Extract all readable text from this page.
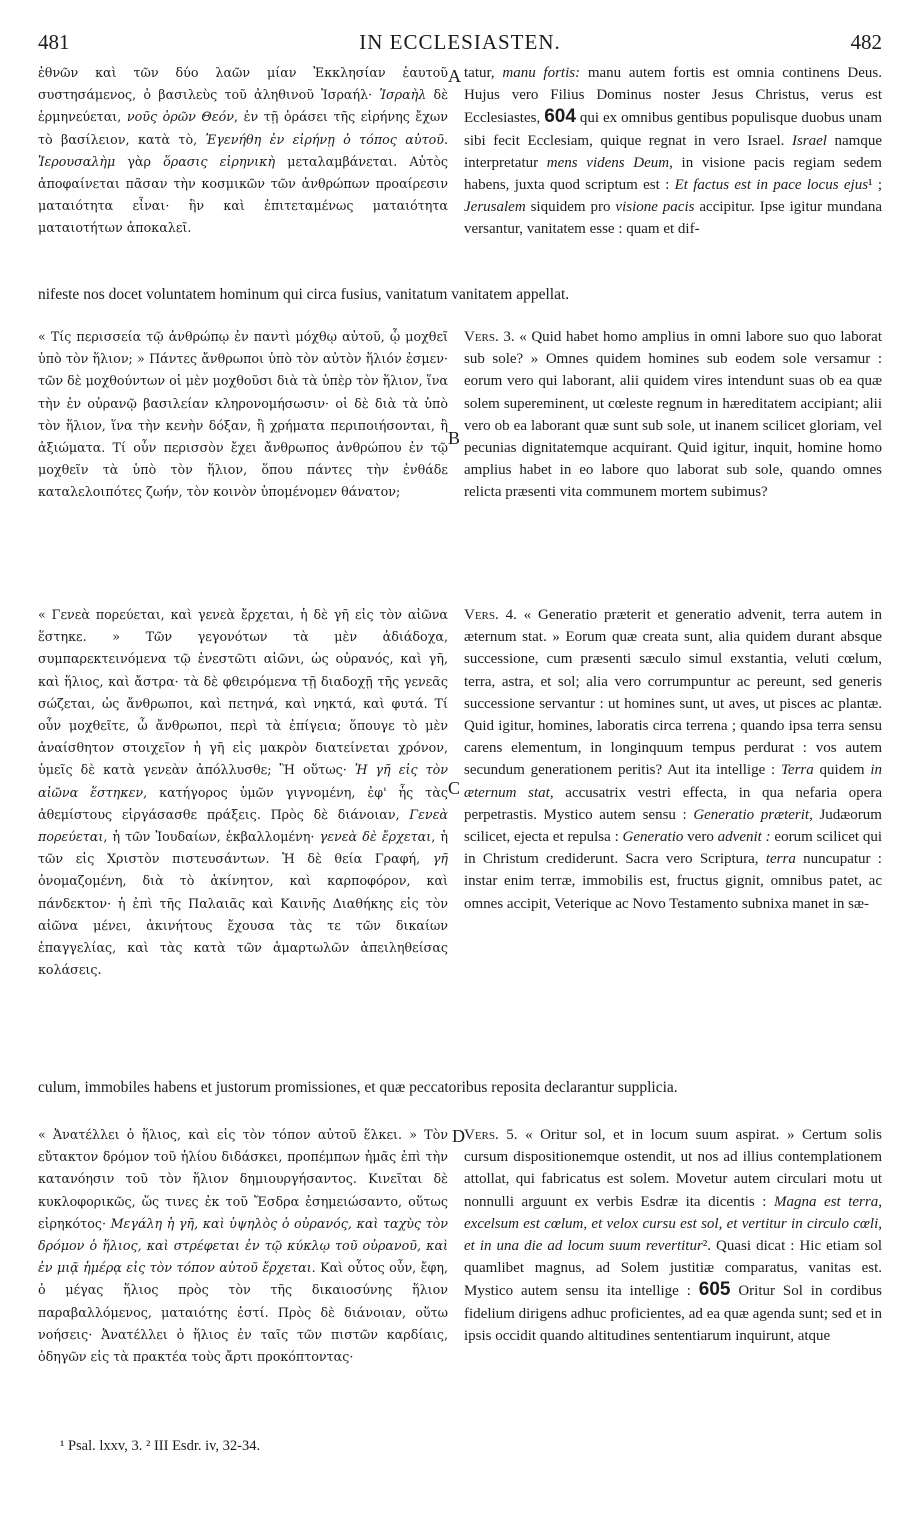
481	IN ECCLESIASTEN.	482

ἐθνῶν καὶ τῶν δύο λαῶν μίαν Ἐκκλησίαν ἑαυτοῦ συστησάμενος, ὁ βασιλεὺς τοῦ ἀληθινοῦ Ἰσραήλ· Ἰσραὴλ δὲ ἑρμηνεύεται, νοῦς ὁρῶν Θεόν, ἐν τῇ ὁράσει τῆς εἰρήνης ἔχων τὸ βασίλειον, κατὰ τὸ, Ἐγενήθη ἐν εἰρήνῃ ὁ τόπος αὐτοῦ. Ἱερουσαλὴμ γὰρ ὅρασις εἰρηνικὴ μεταλαμβάνεται. Αὐτὸς ἀποφαίνεται πᾶσαν τὴν κοσμικῶν τῶν ἀνθρώπων προαίρεσιν ματαιότητα εἶναι· ἣν καὶ ἐπιτεταμένως ματαιότητα ματαιοτήτων ἀποκαλεῖ.

tatur, manu fortis: manu autem fortis est omnia continens Deus. Hujus vero Filius Dominus noster Jesus Christus, verus est Ecclesiastes, 604 qui ex omnibus gentibus populisque duobus unam sibi fecit Ecclesiam, quique regnat in vero Israel. Israel namque interpretatur mens videns Deum, in visione pacis regiam sedem habens, juxta quod scriptum est : Et factus est in pace locus ejus¹ ; Jerusalem siquidem pro visione pacis accipitur. Ipse igitur mundana versantur, vanitatem esse : quam et dif-

A
nifeste nos docet voluntatem hominum qui circa fusius, vanitatum vanitatem appellat.

« Τίς περισσεία τῷ ἀνθρώπῳ ἐν παντὶ μόχθῳ αὐτοῦ, ᾧ μοχθεῖ ὑπὸ τὸν ἥλιον; » Πάντες ἄνθρωποι ὑπὸ τὸν αὐτὸν ἥλιόν ἐσμεν· τῶν δὲ μοχθούντων οἱ μὲν μοχθοῦσι διὰ τὰ ὑπὲρ τὸν ἥλιον, ἵνα τὴν ἐν οὐρανῷ βασιλείαν κληρονομήσωσιν· οἱ δὲ διὰ τὰ ὑπὸ τὸν ἥλιον, ἵνα τὴν κενὴν δόξαν, ἢ χρήματα περιποιήσονται, ἢ ἀξιώματα. Τί οὖν περισσὸν ἔχει ἄνθρωπος ἀνθρώπου ἐν τῷ μοχθεῖν τὰ ὑπὸ τὸν ἥλιον, ὅπου πάντες τὴν ἐνθάδε καταλελοιπότες ζωήν, τὸν κοινὸν ὑπομένομεν θάνατον;

Vers. 3. « Quid habet homo amplius in omni labore suo quo laborat sub sole? » Omnes quidem homines sub eodem sole versamur : eorum vero qui laborant, alii quidem vires intendunt suas ob ea quæ solem supereminent, ut cœleste regnum in hæreditatem accipiant; alii vero ob ea laborant quæ sunt sub sole, ut inanem scilicet gloriam, vel pecunias dignitatemque acquirant. Quid igitur, inquit, homine homo amplius habet in eo labore quo laborat sub sole, quando omnes relicta præsenti vita communem mortem subimus?

B

« Γενεὰ πορεύεται, καὶ γενεὰ ἔρχεται, ἡ δὲ γῆ εἰς τὸν αἰῶνα ἕστηκε. » Τῶν γεγονότων τὰ μὲν ἀδιάδοχα, συμπαρεκτεινόμενα τῷ ἐνεστῶτι αἰῶνι, ὡς οὐρανός, καὶ γῆ, καὶ ἥλιος, καὶ ἄστρα· τὰ δὲ φθειρόμενα τῇ διαδοχῇ τῆς γενεᾶς σώζεται, ὡς ἄνθρωποι, καὶ πετηνά, καὶ νηκτά, καὶ φυτά. Τί οὖν μοχθεῖτε, ὦ ἄνθρωποι, περὶ τὰ ἐπίγεια; ὅπουγε τὸ μὲν ἀναίσθητον στοιχεῖον ἡ γῆ εἰς μακρὸν διατείνεται χρόνον, ὑμεῖς δὲ κατὰ γενεὰν ἀπόλλυσθε; Ἢ οὕτως· Ἡ γῆ εἰς τὸν αἰῶνα ἕστηκεν, κατήγορος ὑμῶν γιγνομένη, ἐφ' ἧς τὰς ἀθεμίστους εἰργάσασθε πράξεις. Πρὸς δὲ διάνοιαν, Γενεὰ πορεύεται, ἡ τῶν Ἰουδαίων, ἐκβαλλομένη· γενεὰ δὲ ἔρχεται, ἡ τῶν εἰς Χριστὸν πιστευσάντων. Ἡ δὲ θεία Γραφή, γῆ ὀνομαζομένη, διὰ τὸ ἀκίνητον, καὶ καρποφόρον, καὶ πάνδεκτον· ἡ ἐπὶ τῆς Παλαιᾶς καὶ Καινῆς Διαθήκης εἰς τὸν αἰῶνα μένει, ἀκινήτους ἔχουσα τὰς τε τῶν δικαίων ἐπαγγελίας, καὶ τὰς κατὰ τῶν ἁμαρτωλῶν ἀπειληθείσας κολάσεις.

Vers. 4. « Generatio præterit et generatio advenit, terra autem in æternum stat. » Eorum quæ creata sunt, alia quidem durant absque successione, cum præsenti sæculo simul exstantia, veluti cœlum, terra, astra, et sol; alia vero corrumpuntur ac pereunt, sed generis successione servantur : ut homines sunt, ut aves, ut pisces ac plantæ. Quid igitur, homines, laboratis circa terrena ; quando ipsa terra sensu carens elementum, in longinquum tempus perdurat : vos autem secundum generationem peritis? Aut ita intellige : Terra quidem in æternum stat, accusatrix vestri effecta, in qua nefaria opera perpetrastis. Mystico autem sensu : Generatio præterit, Judæorum scilicet, ejecta et repulsa : Generatio vero advenit : eorum scilicet qui in Christum crediderunt. Sacra vero Scriptura, terra nuncupatur : instar enim terræ, immobilis est, fructus gignit, omnibus patet, ac omnes accipit, Veterique ac Novo Testamento subnixa manet in sæ-

C
culum, immobiles habens et justorum promissiones, et quæ peccatoribus reposita declarantur supplicia.

« Ἀνατέλλει ὁ ἥλιος, καὶ εἰς τὸν τόπον αὐτοῦ ἕλκει. » Τὸν εὔτακτον δρόμον τοῦ ἡλίου διδάσκει, προπέμπων ἡμᾶς ἐπὶ τὴν κατανόησιν τοῦ τὸν ἥλιον δημιουργήσαντος. Κινεῖται δὲ κυκλοφορικῶς, ὥς τινες ἐκ τοῦ Ἔσδρα ἐσημειώσαντο, οὕτως εἰρηκότος· Μεγάλη ἡ γῆ, καὶ ὑψηλὸς ὁ οὐρανός, καὶ ταχὺς τὸν δρόμον ὁ ἥλιος, καὶ στρέφεται ἐν τῷ κύκλῳ τοῦ οὐρανοῦ, καὶ ἐν μιᾷ ἡμέρᾳ εἰς τὸν τόπον αὐτοῦ ἔρχεται. Καὶ οὗτος οὖν, ἔφη, ὁ μέγας ἥλιος πρὸς τὸν τῆς δικαιοσύνης ἥλιον παραβαλλόμενος, ματαιότης ἐστί. Πρὸς δὲ διάνοιαν, οὕτω νοήσεις· Ἀνατέλλει ὁ ἥλιος ἐν ταῖς τῶν πιστῶν καρδίαις, ὁδηγῶν εἰς τὰ πρακτέα τοὺς ἄρτι προκόπτοντας·

Vers. 5. « Oritur sol, et in locum suum aspirat. » Certum solis cursum dispositionemque ostendit, ut nos ad illius contemplationem attollat, qui fabricatus est solem. Movetur autem circulari motu ut nonnulli arguunt ex verbis Esdræ ita dicentis : Magna est terra, excelsum est cœlum, et velox cursu est sol, et vertitur in circulo cœli, et in una die ad locum suum revertitur². Quasi dicat : Hic etiam sol quamlibet magnus, ad Solem justitiæ comparatus, vanitas est. Mystico autem sensu ita intellige : 605 Oritur Sol in cordibus fidelium dirigens adhuc proficientes, ad ea quæ agenda sunt; sed et in ipsis occidit quando altitudines sententiarum inquirunt, atque

D
¹ Psal. lxxv, 3. ² III Esdr. iv, 32-34.
